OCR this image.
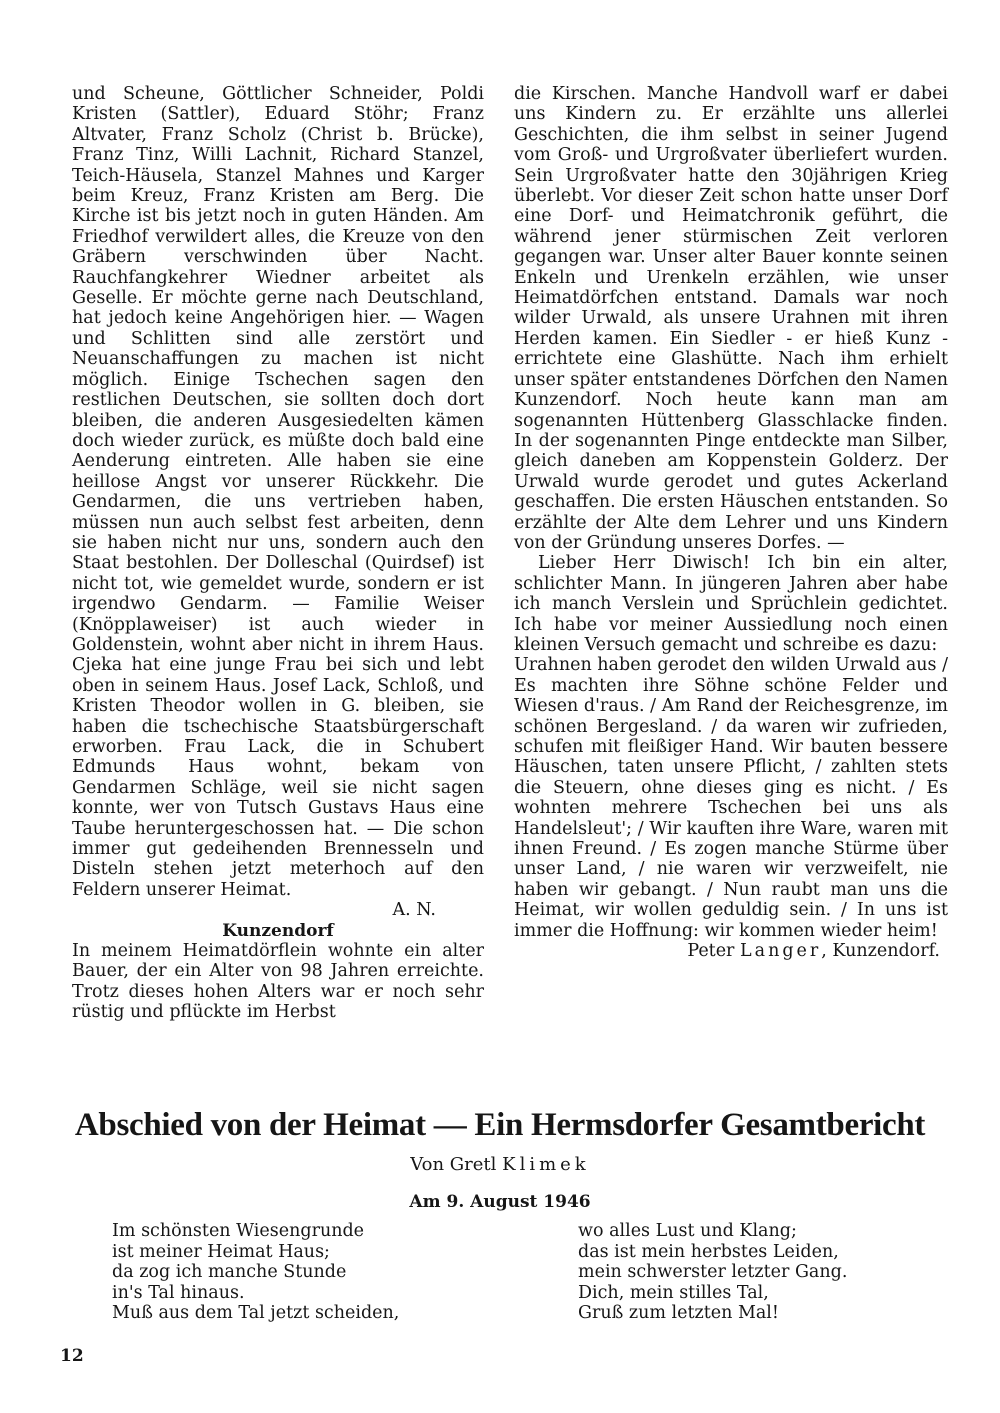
und Scheune, Göttlicher Schneider, Poldi Kristen (Sattler), Eduard Stöhr; Franz Altvater, Franz Scholz (Christ b. Brücke), Franz Tinz, Willi Lachnit, Richard Stanzel, Teich-Häusela, Stanzel Mahnes und Karger beim Kreuz, Franz Kristen am Berg. Die Kirche ist bis jetzt noch in guten Händen. Am Friedhof verwildert alles, die Kreuze von den Gräbern verschwinden über Nacht. Rauchfangkehrer Wiedner arbeitet als Geselle. Er möchte gerne nach Deutschland, hat jedoch keine Angehörigen hier. — Wagen und Schlitten sind alle zerstört und Neuanschaffungen zu machen ist nicht möglich. Einige Tschechen sagen den restlichen Deutschen, sie sollten doch dort bleiben, die anderen Ausgesiedelten kämen doch wieder zurück, es müßte doch bald eine Aenderung eintreten. Alle haben sie eine heillose Angst vor unserer Rückkehr. Die Gendarmen, die uns vertrieben haben, müssen nun auch selbst fest arbeiten, denn sie haben nicht nur uns, sondern auch den Staat bestohlen. Der Dolleschal (Quirdsef) ist nicht tot, wie gemeldet wurde, sondern er ist irgendwo Gendarm. — Familie Weiser (Knöpplaweiser) ist auch wieder in Goldenstein, wohnt aber nicht in ihrem Haus. Cjeka hat eine junge Frau bei sich und lebt oben in seinem Haus. Josef Lack, Schloß, und Kristen Theodor wollen in G. bleiben, sie haben die tschechische Staatsbürgerschaft erworben. Frau Lack, die in Schubert Edmunds Haus wohnt, bekam von Gendarmen Schläge, weil sie nicht sagen konnte, wer von Tutsch Gustavs Haus eine Taube heruntergeschossen hat. — Die schon immer gut gedeihenden Brennesseln und Disteln stehen jetzt meterhoch auf den Feldern unserer Heimat.

A. N.

Kunzendorf

In meinem Heimatdörflein wohnte ein alter Bauer, der ein Alter von 98 Jahren erreichte. Trotz dieses hohen Alters war er noch sehr rüstig und pflückte im Herbst

die Kirschen. Manche Handvoll warf er dabei uns Kindern zu. Er erzählte uns allerlei Geschichten, die ihm selbst in seiner Jugend vom Groß- und Urgroßvater überliefert wurden. Sein Urgroßvater hatte den 30jährigen Krieg überlebt. Vor dieser Zeit schon hatte unser Dorf eine Dorf- und Heimatchronik geführt, die während jener stürmischen Zeit verloren gegangen war. Unser alter Bauer konnte seinen Enkeln und Urenkeln erzählen, wie unser Heimatdörfchen entstand. Damals war noch wilder Urwald, als unsere Urahnen mit ihren Herden kamen. Ein Siedler - er hieß Kunz - errichtete eine Glashütte. Nach ihm erhielt unser später entstandenes Dörfchen den Namen Kunzendorf. Noch heute kann man am sogenannten Hüttenberg Glasschlacke finden. In der sogenannten Pinge entdeckte man Silber, gleich daneben am Koppenstein Golderz. Der Urwald wurde gerodet und gutes Ackerland geschaffen. Die ersten Häuschen entstanden. So erzählte der Alte dem Lehrer und uns Kindern von der Gründung unseres Dorfes. —

Lieber Herr Diwisch! Ich bin ein alter, schlichter Mann. In jüngeren Jahren aber habe ich manch Verslein und Sprüchlein gedichtet. Ich habe vor meiner Aussiedlung noch einen kleinen Versuch gemacht und schreibe es dazu:

Urahnen haben gerodet den wilden Urwald aus / Es machten ihre Söhne schöne Felder und Wiesen d'raus. / Am Rand der Reichesgrenze, im schönen Bergesland. / da waren wir zufrieden, schufen mit fleißiger Hand. Wir bauten bessere Häuschen, taten unsere Pflicht, / zahlten stets die Steuern, ohne dieses ging es nicht. / Es wohnten mehrere Tschechen bei uns als Handelsleut'; / Wir kauften ihre Ware, waren mit ihnen Freund. / Es zogen manche Stürme über unser Land, / nie waren wir verzweifelt, nie haben wir gebangt. / Nun raubt man uns die Heimat, wir wollen geduldig sein. / In uns ist immer die Hoffnung: wir kommen wieder heim!

Peter Langer, Kunzendorf.

Abschied von der Heimat — Ein Hermsdorfer Gesamtbericht
Von Gretl Klimek
Am 9. August 1946
Im schönsten Wiesengrunde
ist meiner Heimat Haus;
da zog ich manche Stunde
in's Tal hinaus.
Muß aus dem Tal jetzt scheiden,
wo alles Lust und Klang;
das ist mein herbstes Leiden,
mein schwerster letzter Gang.
Dich, mein stilles Tal,
Gruß zum letzten Mal!
12
